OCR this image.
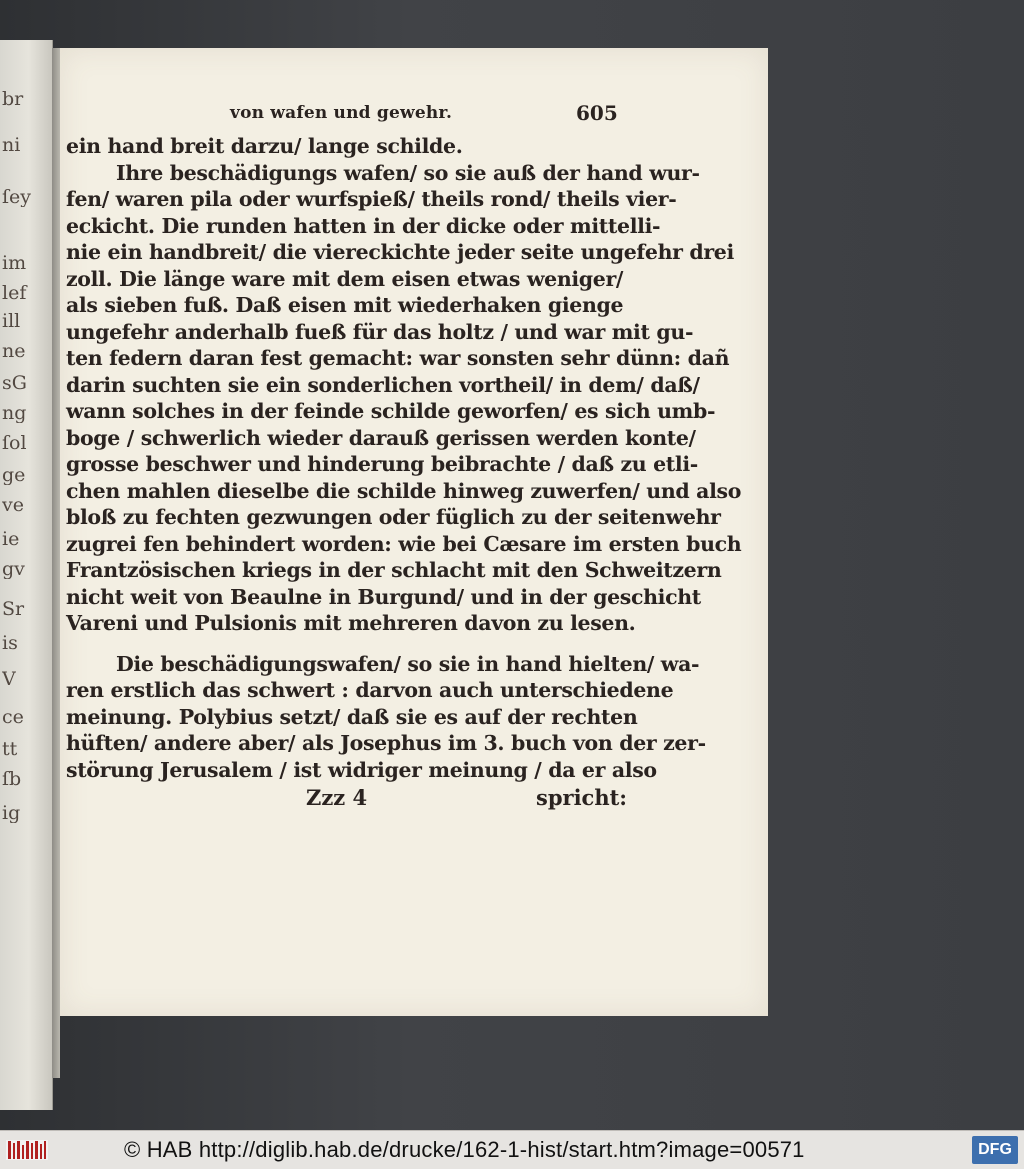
br
ni
ſey
im
lef
ill
ne
sG
ng
ſol
ge
ve
ie
gv
Sr
is
V
ce
tt
ſb
ig
von wafen und gewehr.	605
ein hand breit darzu/ lange schilde.
Ihre beschädigungs wafen/ so sie auß der hand wur-
fen/ waren pila oder wurfspieß/ theils rond/ theils vier-
eckicht. Die runden hatten in der dicke oder mittelli-
nie ein handbreit/ die viereckichte jeder seite ungefehr drei
zoll. Die länge ware mit dem eisen etwas weniger/
als sieben fuß. Daß eisen mit wiederhaken gienge
ungefehr anderhalb fueß für das holtz / und war mit gu-
ten federn daran fest gemacht: war sonsten sehr dünn: dañ
darin suchten sie ein sonderlichen vortheil/ in dem/ daß/
wann solches in der feinde schilde geworfen/ es sich umb-
boge / schwerlich wieder darauß gerissen werden konte/
grosse beschwer und hinderung beibrachte / daß zu etli-
chen mahlen dieselbe die schilde hinweg zuwerfen/ und also
bloß zu fechten gezwungen oder füglich zu der seitenwehr
zugrei fen behindert worden: wie bei Cæsare im ersten buch
Frantzösischen kriegs in der schlacht mit den Schweitzern
nicht weit von Beaulne in Burgund/ und in der geschicht
Vareni und Pulsionis mit mehreren davon zu lesen.
Die beschädigungswafen/ so sie in hand hielten/ wa-
ren erstlich das schwert : darvon auch unterschiedene
meinung. Polybius setzt/ daß sie es auf der rechten
hüften/ andere aber/ als Josephus im 3. buch von der zer-
störung Jerusalem / ist widriger meinung / da er also
Zzz 4	spricht:
© HAB http://diglib.hab.de/drucke/162-1-hist/start.htm?image=00571	DFG
